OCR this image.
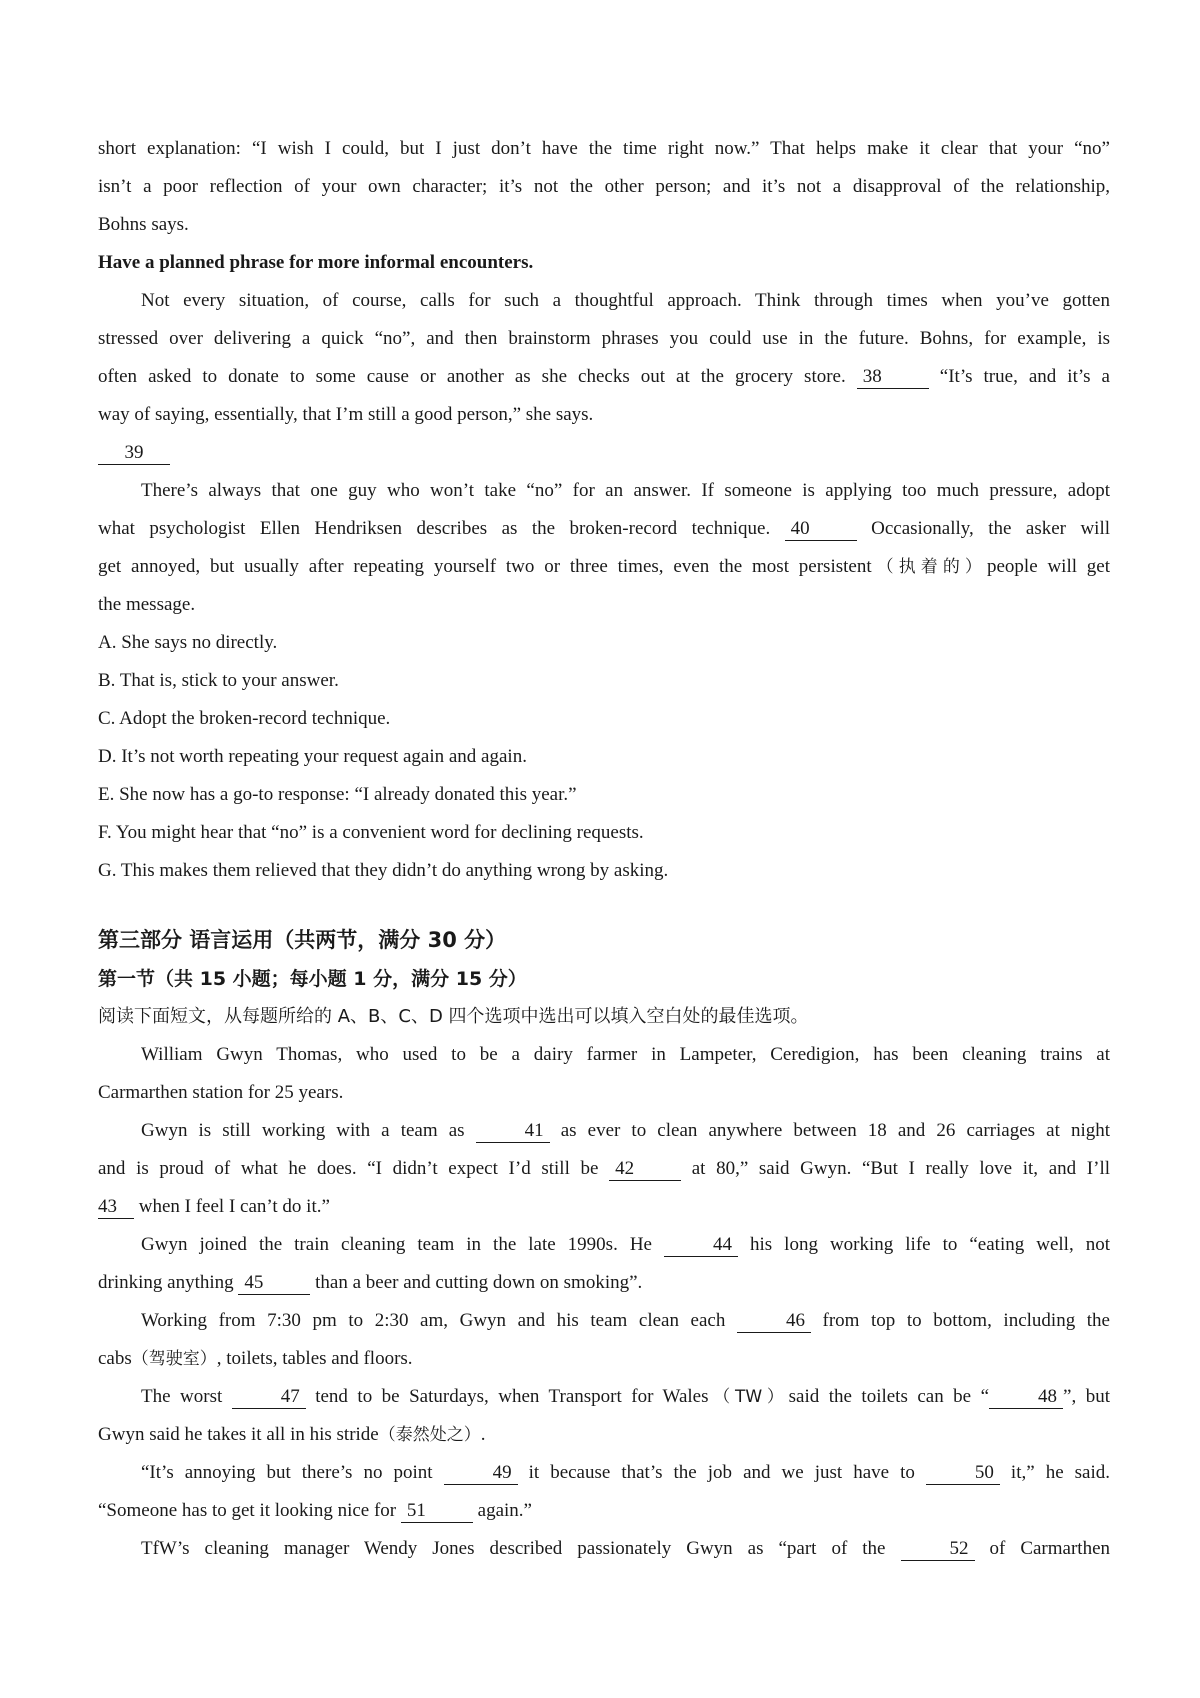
short explanation: “I wish I could, but I just don’t have the time right now.” That helps make it clear that your “no”

isn’t a poor reflection of your own character; it’s not the other person; and it’s not a disapproval of the relationship,

Bohns says.

Have a planned phrase for more informal encounters.

Not every situation, of course, calls for such a thoughtful approach. Think through times when you’ve gotten

stressed over delivering a quick “no”, and then brainstorm phrases you could use in the future. Bohns, for example, is

often asked to donate to some cause or another as she checks out at the grocery store. 38 “It’s true, and it’s a

way of saying, essentially, that I’m still a good person,” she says.

39

There’s always that one guy who won’t take “no” for an answer. If someone is applying too much pressure, adopt

what psychologist Ellen Hendriksen describes as the broken-record technique. 40 Occasionally, the asker will

get annoyed, but usually after repeating yourself two or three times, even the most persistent（执着的）people will get

the message.

A. She says no directly.

B. That is, stick to your answer.

C. Adopt the broken-record technique.

D. It’s not worth repeating your request again and again.

E. She now has a go-to response: “I already donated this year.”

F. You might hear that “no” is a convenient word for declining requests.

G. This makes them relieved that they didn’t do anything wrong by asking.

第三部分 语言运用（共两节，满分 30 分）

第一节（共 15 小题；每小题 1 分，满分 15 分）

阅读下面短文，从每题所给的 A、B、C、D 四个选项中选出可以填入空白处的最佳选项。

William Gwyn Thomas, who used to be a dairy farmer in Lampeter, Ceredigion, has been cleaning trains at

Carmarthen station for 25 years.

Gwyn is still working with a team as	41 as ever to clean anywhere between 18 and 26 carriages at night

and is proud of what he does. “I didn’t expect I’d still be 42 at 80,” said Gwyn. “But I really love it, and I’ll

43 when I feel I can’t do it.”

Gwyn joined the train cleaning team in the late 1990s. He	44 his long working life to “eating well, not

drinking anything 45 than a beer and cutting down on smoking”.

Working from 7:30 pm to 2:30 am, Gwyn and his team clean each	46 from top to bottom, including the

cabs（驾驶室）, toilets, tables and floors.

The worst	47 tend to be Saturdays, when Transport for Wales（TW）said the toilets can be “	48 ”, but

Gwyn said he takes it all in his stride（泰然处之）.

“It’s annoying but there’s no point	49 it because that’s the job and we just have to	50 it,” he said.

“Someone has to get it looking nice for 51 again.”

TfW’s cleaning manager Wendy Jones described passionately Gwyn as “part of the	52 of Carmarthen
